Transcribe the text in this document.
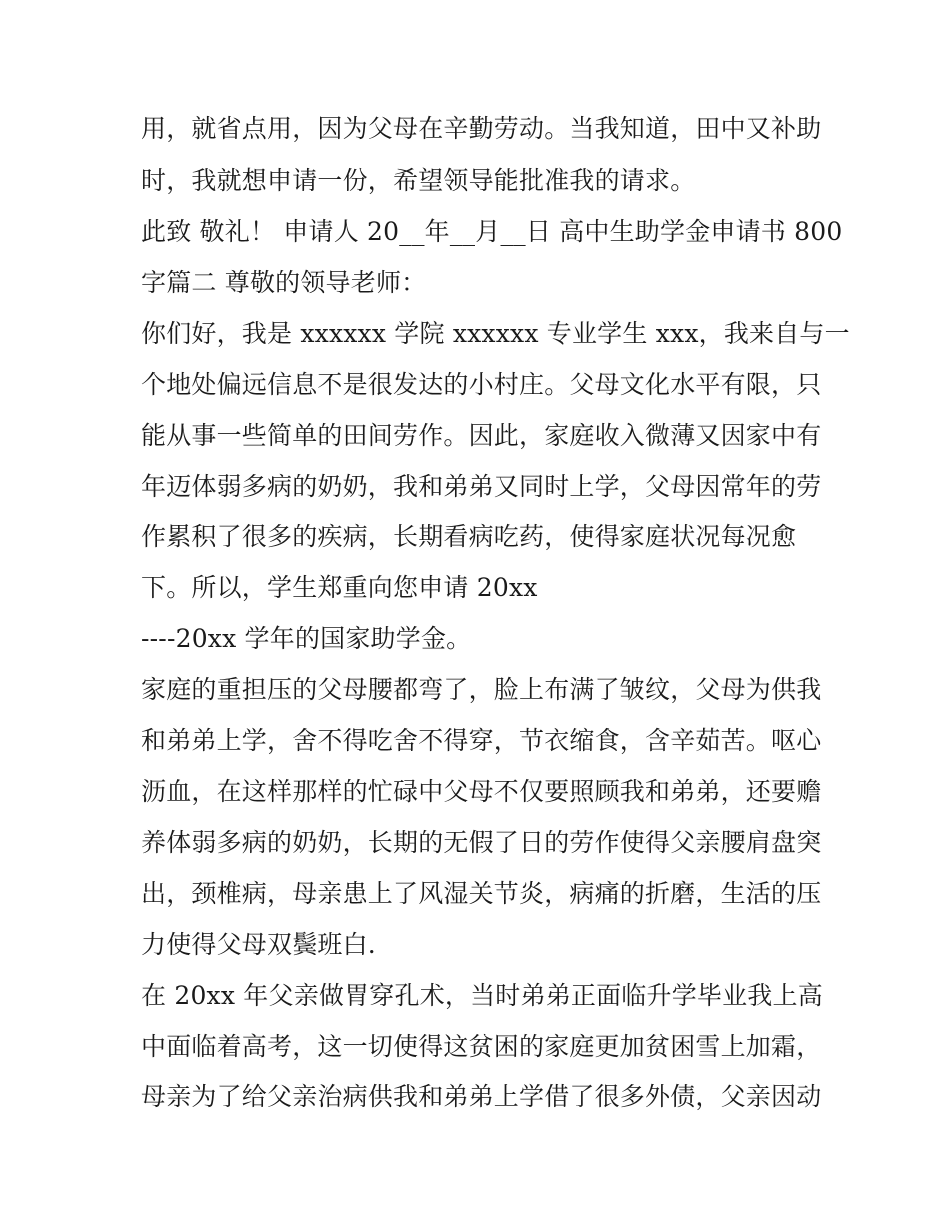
用，就省点用，因为父母在辛勤劳动。当我知道，田中又补助
时，我就想申请一份，希望领导能批准我的请求。
此致 敬礼！ 申请人 20__年__月__日 高中生助学金申请书 800
字篇二 尊敬的领导老师：
你们好，我是 xxxxxx 学院 xxxxxx 专业学生 xxx，我来自与一
个地处偏远信息不是很发达的小村庄。父母文化水平有限，只
能从事一些简单的田间劳作。因此，家庭收入微薄又因家中有
年迈体弱多病的奶奶，我和弟弟又同时上学，父母因常年的劳
作累积了很多的疾病，长期看病吃药，使得家庭状况每况愈
下。所以，学生郑重向您申请 20xx
----20xx 学年的国家助学金。
家庭的重担压的父母腰都弯了，脸上布满了皱纹，父母为供我
和弟弟上学，舍不得吃舍不得穿，节衣缩食，含辛茹苦。呕心
沥血，在这样那样的忙碌中父母不仅要照顾我和弟弟，还要赡
养体弱多病的奶奶，长期的无假了日的劳作使得父亲腰肩盘突
出，颈椎病，母亲患上了风湿关节炎，病痛的折磨，生活的压
力使得父母双鬓班白.
在 20xx 年父亲做胃穿孔术，当时弟弟正面临升学毕业我上高
中面临着高考，这一切使得这贫困的家庭更加贫困雪上加霜，
母亲为了给父亲治病供我和弟弟上学借了很多外债，父亲因动
